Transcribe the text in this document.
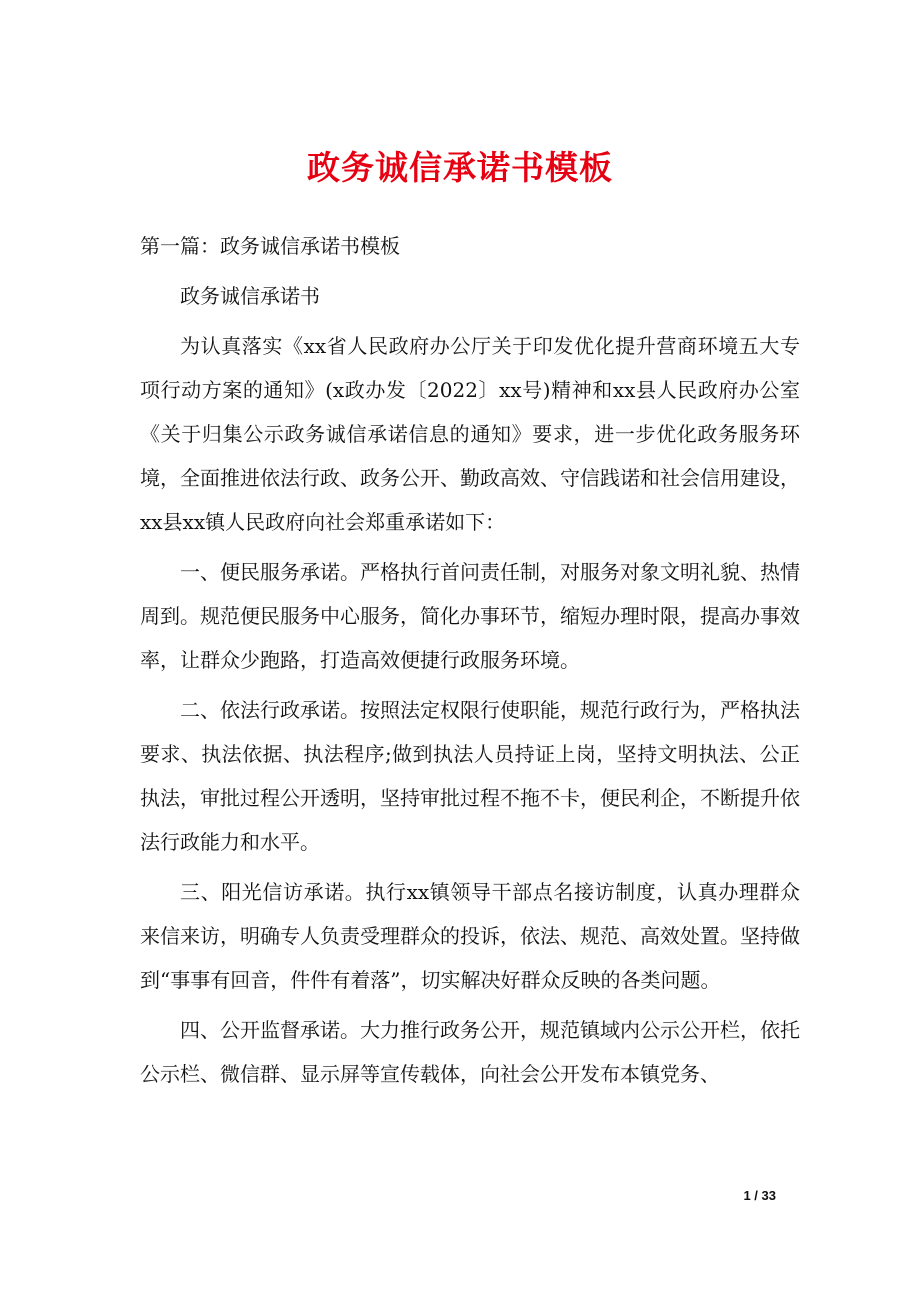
政务诚信承诺书模板
第一篇：政务诚信承诺书模板

政务诚信承诺书

为认真落实《xx省人民政府办公厅关于印发优化提升营商环境五大专项行动方案的通知》(x政办发〔2022〕xx号)精神和xx县人民政府办公室《关于归集公示政务诚信承诺信息的通知》要求，进一步优化政务服务环境，全面推进依法行政、政务公开、勤政高效、守信践诺和社会信用建设，xx县xx镇人民政府向社会郑重承诺如下：

一、便民服务承诺。严格执行首问责任制，对服务对象文明礼貌、热情周到。规范便民服务中心服务，简化办事环节，缩短办理时限，提高办事效率，让群众少跑路，打造高效便捷行政服务环境。

二、依法行政承诺。按照法定权限行使职能，规范行政行为，严格执法要求、执法依据、执法程序;做到执法人员持证上岗，坚持文明执法、公正执法，审批过程公开透明，坚持审批过程不拖不卡，便民利企，不断提升依法行政能力和水平。

三、阳光信访承诺。执行xx镇领导干部点名接访制度，认真办理群众来信来访，明确专人负责受理群众的投诉，依法、规范、高效处置。坚持做到“事事有回音，件件有着落”，切实解决好群众反映的各类问题。

四、公开监督承诺。大力推行政务公开，规范镇域内公示公开栏，依托公示栏、微信群、显示屏等宣传载体，向社会公开发布本镇党务、

1 / 33
